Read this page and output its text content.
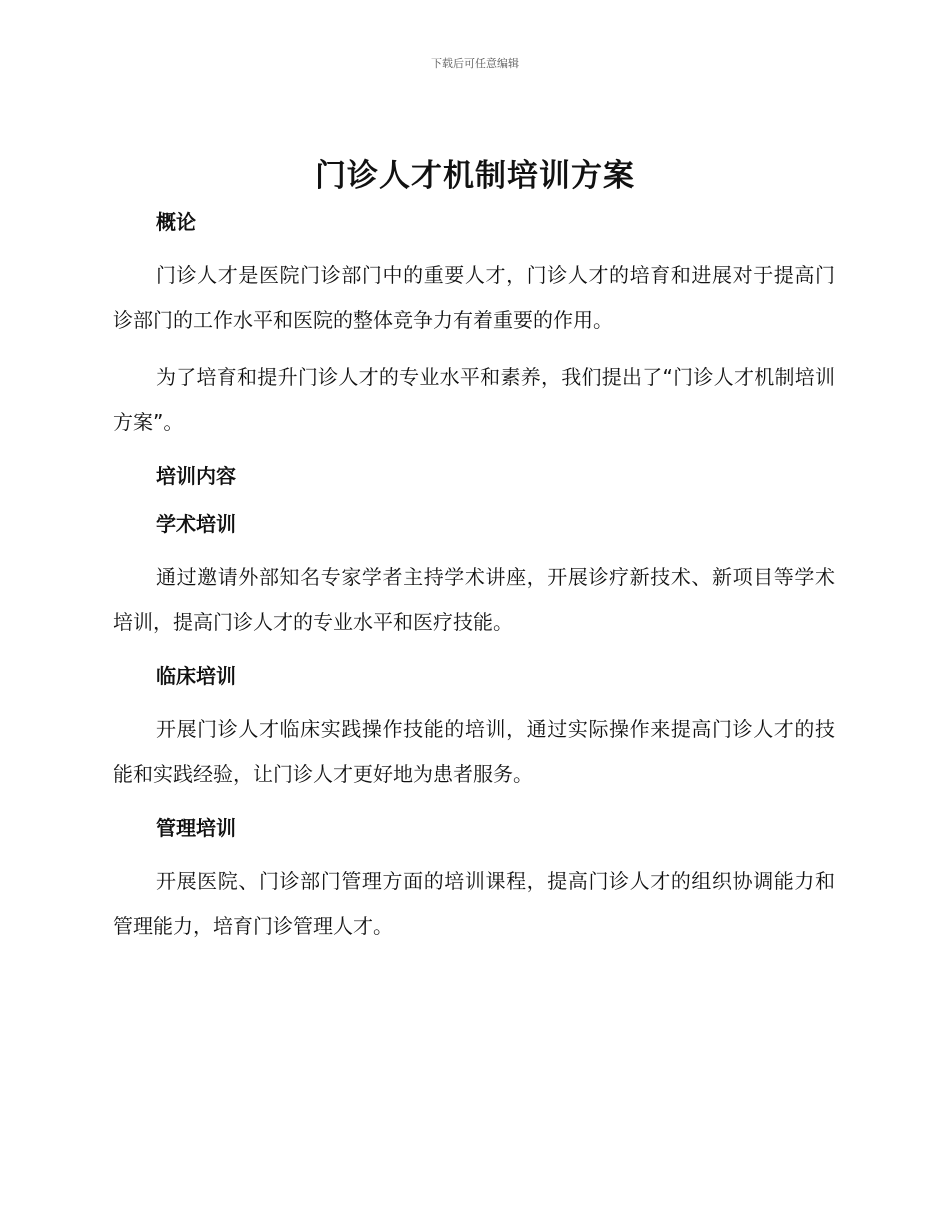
下载后可任意编辑
门诊人才机制培训方案

概论

门诊人才是医院门诊部门中的重要人才，门诊人才的培育和进展对于提高门诊部门的工作水平和医院的整体竞争力有着重要的作用。

为了培育和提升门诊人才的专业水平和素养，我们提出了“门诊人才机制培训方案”。

培训内容

学术培训

通过邀请外部知名专家学者主持学术讲座，开展诊疗新技术、新项目等学术培训，提高门诊人才的专业水平和医疗技能。

临床培训

开展门诊人才临床实践操作技能的培训，通过实际操作来提高门诊人才的技能和实践经验，让门诊人才更好地为患者服务。

管理培训

开展医院、门诊部门管理方面的培训课程，提高门诊人才的组织协调能力和管理能力，培育门诊管理人才。
